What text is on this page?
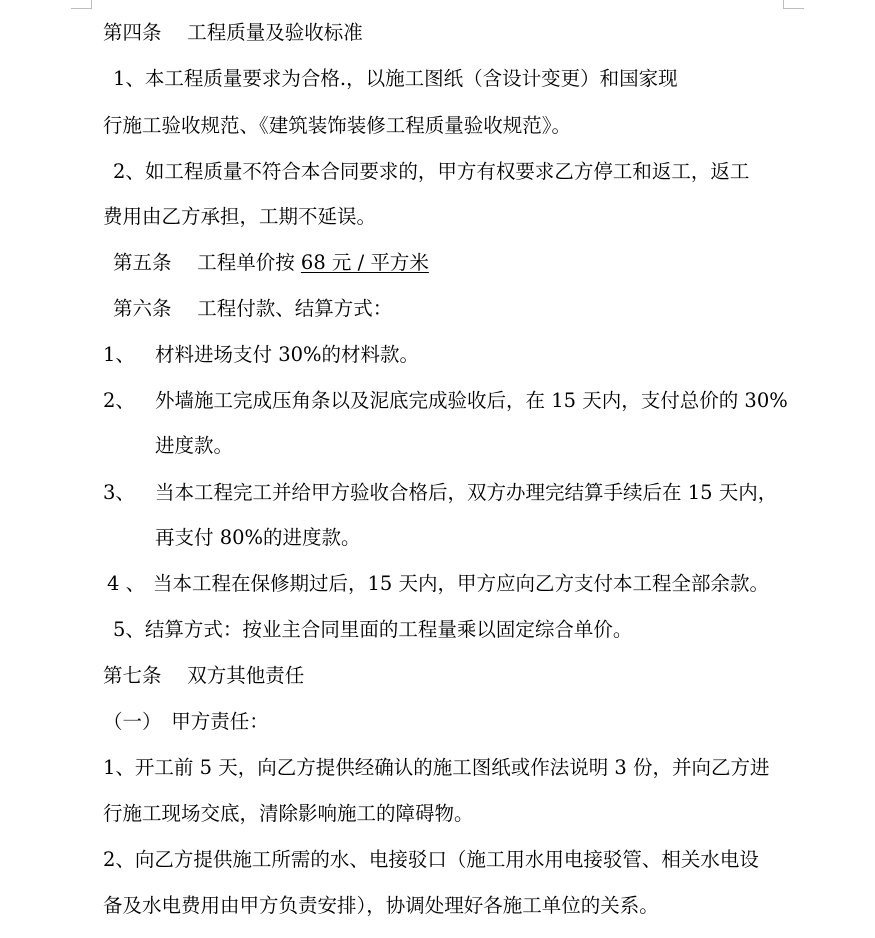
第四条　 工程质量及验收标准
1、本工程质量要求为合格.，以施工图纸（含设计变更）和国家现
行施工验收规范、《建筑装饰装修工程质量验收规范》。
2、如工程质量不符合本合同要求的，甲方有权要求乙方停工和返工，返工
费用由乙方承担，工期不延误。
第五条　 工程单价按 68 元 / 平方米
第六条　 工程付款、结算方式：
1、 材料进场支付 30%的材料款。
2、 外墙施工完成压角条以及泥底完成验收后，在 15 天内，支付总价的 30%
进度款。
3、 当本工程完工并给甲方验收合格后，双方办理完结算手续后在 15 天内，
再支付 80%的进度款。
4 、 当本工程在保修期过后，15 天内，甲方应向乙方支付本工程全部余款。
5、结算方式：按业主合同里面的工程量乘以固定综合单价。
第七条　 双方其他责任
（一）　甲方责任：
1、开工前 5 天，向乙方提供经确认的施工图纸或作法说明 3 份，并向乙方进
行施工现场交底，清除影响施工的障碍物。
2、向乙方提供施工所需的水、电接驳口（施工用水用电接驳管、相关水电设
备及水电费用由甲方负责安排），协调处理好各施工单位的关系。
